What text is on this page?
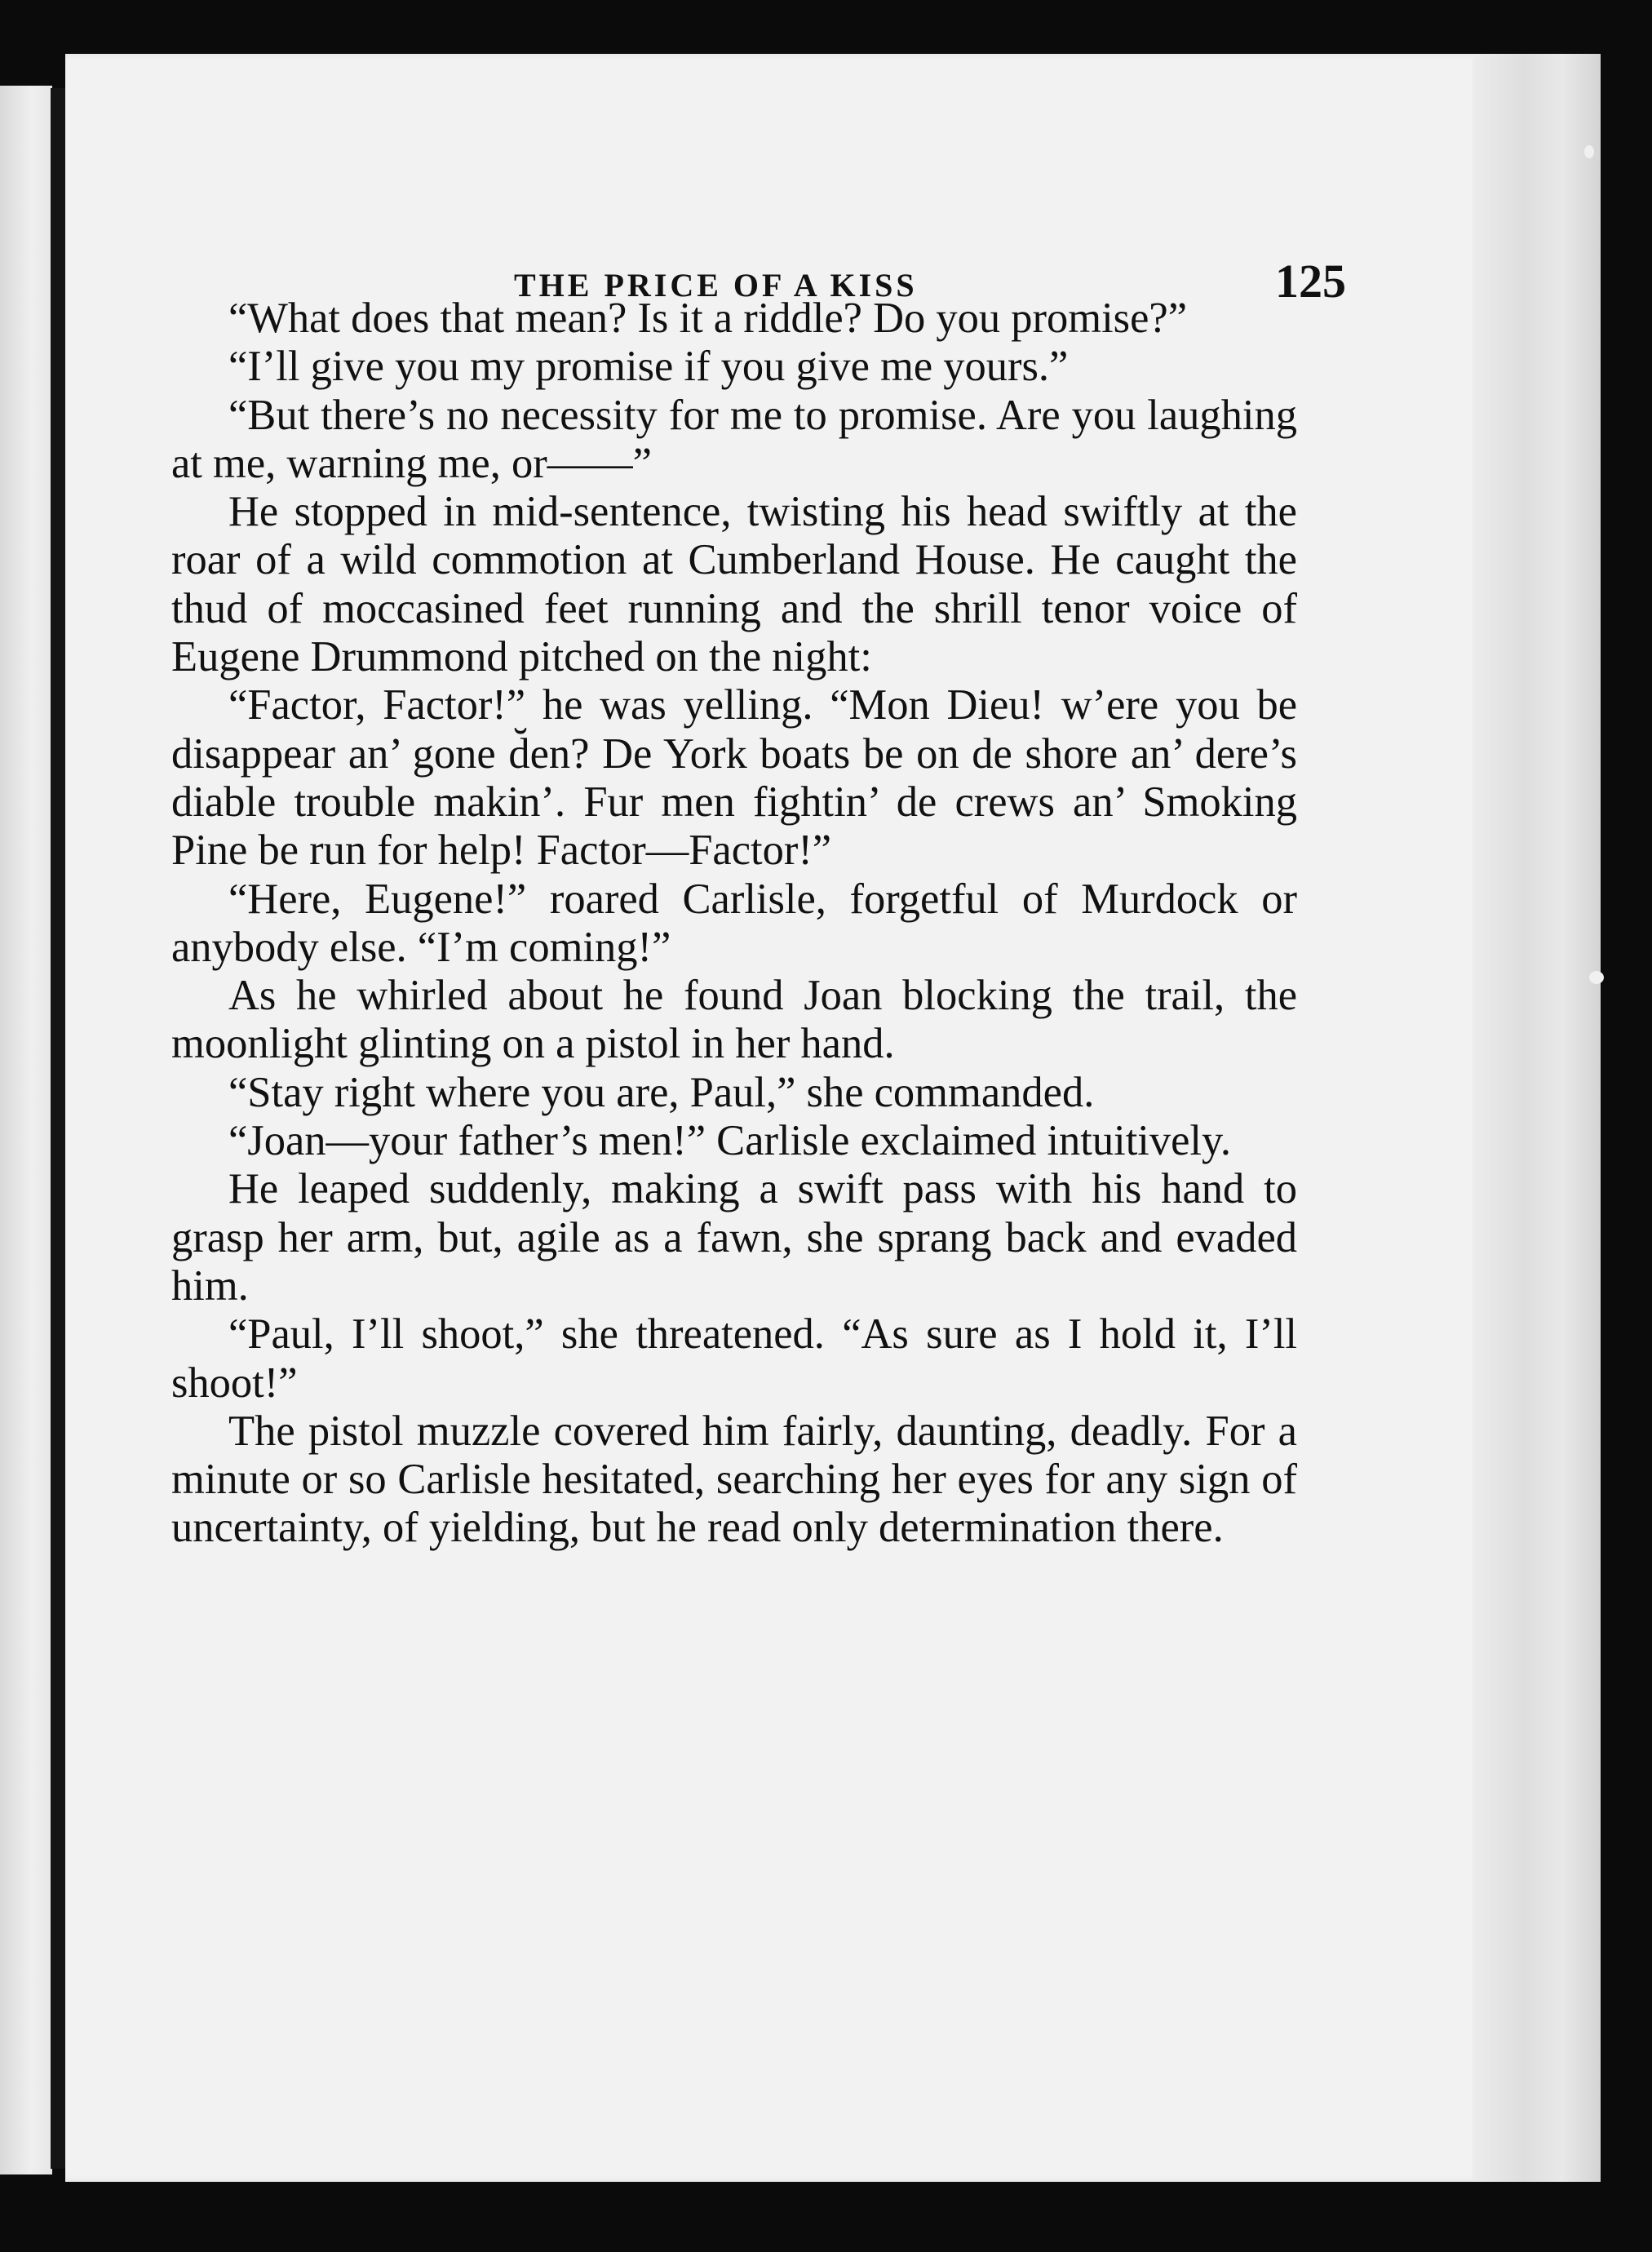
THE PRICE OF A KISS	125

“What does that mean? Is it a riddle? Do you promise?”

“I’ll give you my promise if you give me yours.”

“But there’s no necessity for me to promise. Are you laughing at me, warning me, or——”

He stopped in mid-sentence, twisting his head swiftly at the roar of a wild commotion at Cumberland House. He caught the thud of moccasined feet running and the shrill tenor voice of Eugene Drummond pitched on the night:

“Factor, Factor!” he was yelling. “Mon Dieu! w’ere you be disappear an’ gone d̆en? De York boats be on de shore an’ dere’s diable trouble makin’. Fur men fightin’ de crews an’ Smoking Pine be run for help! Factor—Factor!”

“Here, Eugene!” roared Carlisle, forgetful of Murdock or anybody else. “I’m coming!”

As he whirled about he found Joan blocking the trail, the moonlight glinting on a pistol in her hand.

“Stay right where you are, Paul,” she commanded.

“Joan—your father’s men!” Carlisle exclaimed intuitively.

He leaped suddenly, making a swift pass with his hand to grasp her arm, but, agile as a fawn, she sprang back and evaded him.

“Paul, I’ll shoot,” she threatened. “As sure as I hold it, I’ll shoot!”

The pistol muzzle covered him fairly, daunting, deadly. For a minute or so Carlisle hesitated, searching her eyes for any sign of uncertainty, of yielding, but he read only determination there.
